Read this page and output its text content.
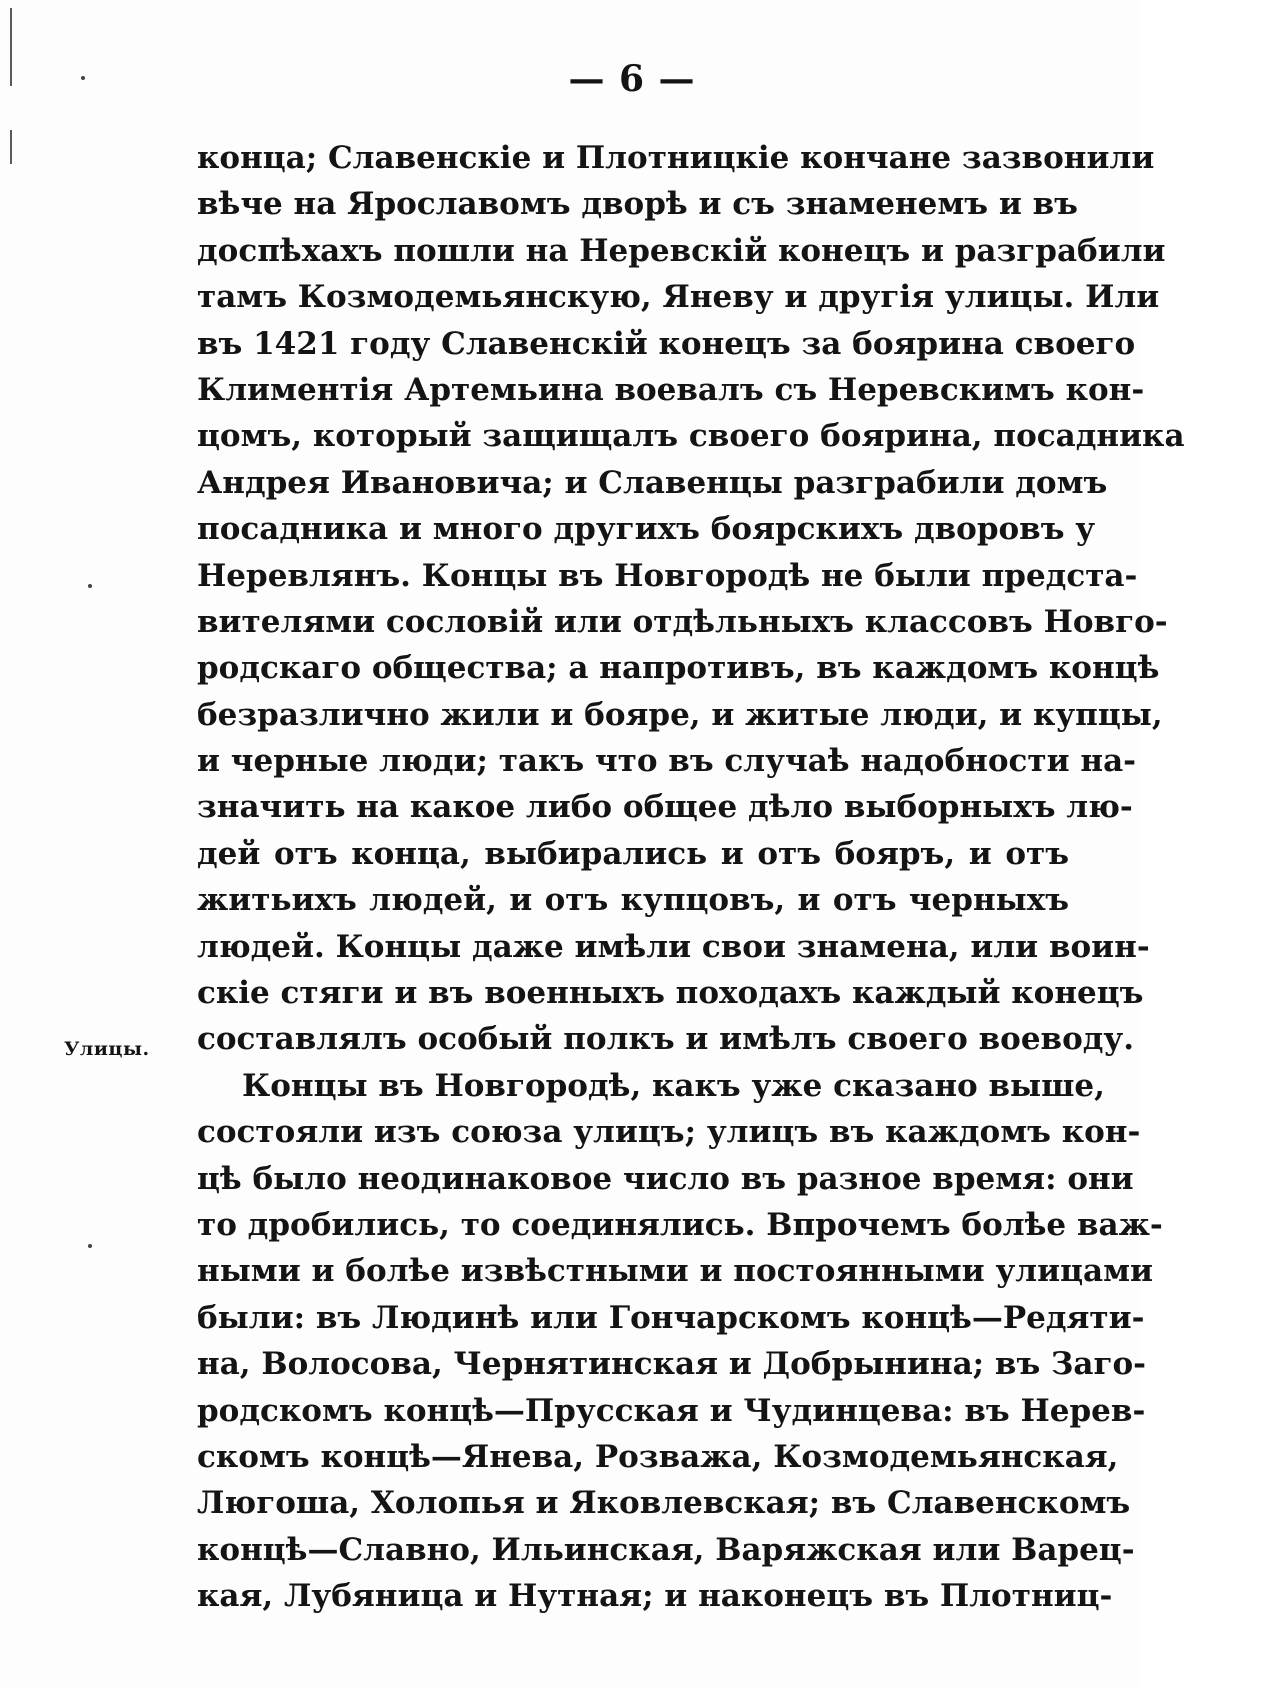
— 6 —
Улицы.
конца; Славенскіе и Плотницкіе кончане зазвонили
вѣче на Ярославомъ дворѣ и съ знаменемъ и въ
доспѣхахъ пошли на Неревскій конецъ и разграбили
тамъ Козмодемьянскую, Яневу и другія улицы. Или
въ 1421 году Славенскій конецъ за боярина своего
Климентія Артемьина воевалъ съ Неревскимъ кон-
цомъ, который защищалъ своего боярина, посадника
Андрея Ивановича; и Славенцы разграбили домъ
посадника и много другихъ боярскихъ дворовъ у
Неревлянъ. Концы въ Новгородѣ не были предста-
вителями сословій или отдѣльныхъ классовъ Новго-
родскаго общества; а напротивъ, въ каждомъ концѣ
безразлично жили и бояре, и житые люди, и купцы,
и черные люди; такъ что въ случаѣ надобности на-
значить на какое либо общее дѣло выборныхъ лю-
дей отъ конца, выбирались и отъ бояръ, и отъ
житьихъ людей, и отъ купцовъ, и отъ черныхъ
людей. Концы даже имѣли свои знамена, или воин-
скіе стяги и въ военныхъ походахъ каждый конецъ
составлялъ особый полкъ и имѣлъ своего воеводу.
Концы въ Новгородѣ, какъ уже сказано выше,
состояли изъ союза улицъ; улицъ въ каждомъ кон-
цѣ было неодинаковое число въ разное время: они
то дробились, то соединялись. Впрочемъ болѣе важ-
ными и болѣе извѣстными и постоянными улицами
были: въ Людинѣ или Гончарскомъ концѣ—Редяти-
на, Волосова, Чернятинская и Добрынина; въ Заго-
родскомъ концѣ—Прусская и Чудинцева: въ Нерев-
скомъ концѣ—Янева, Розважа, Козмодемьянская,
Люгоша, Холопья и Яковлевская; въ Славенскомъ
концѣ—Славно, Ильинская, Варяжская или Варец-
кая, Лубяница и Нутная; и наконецъ въ Плотниц-
